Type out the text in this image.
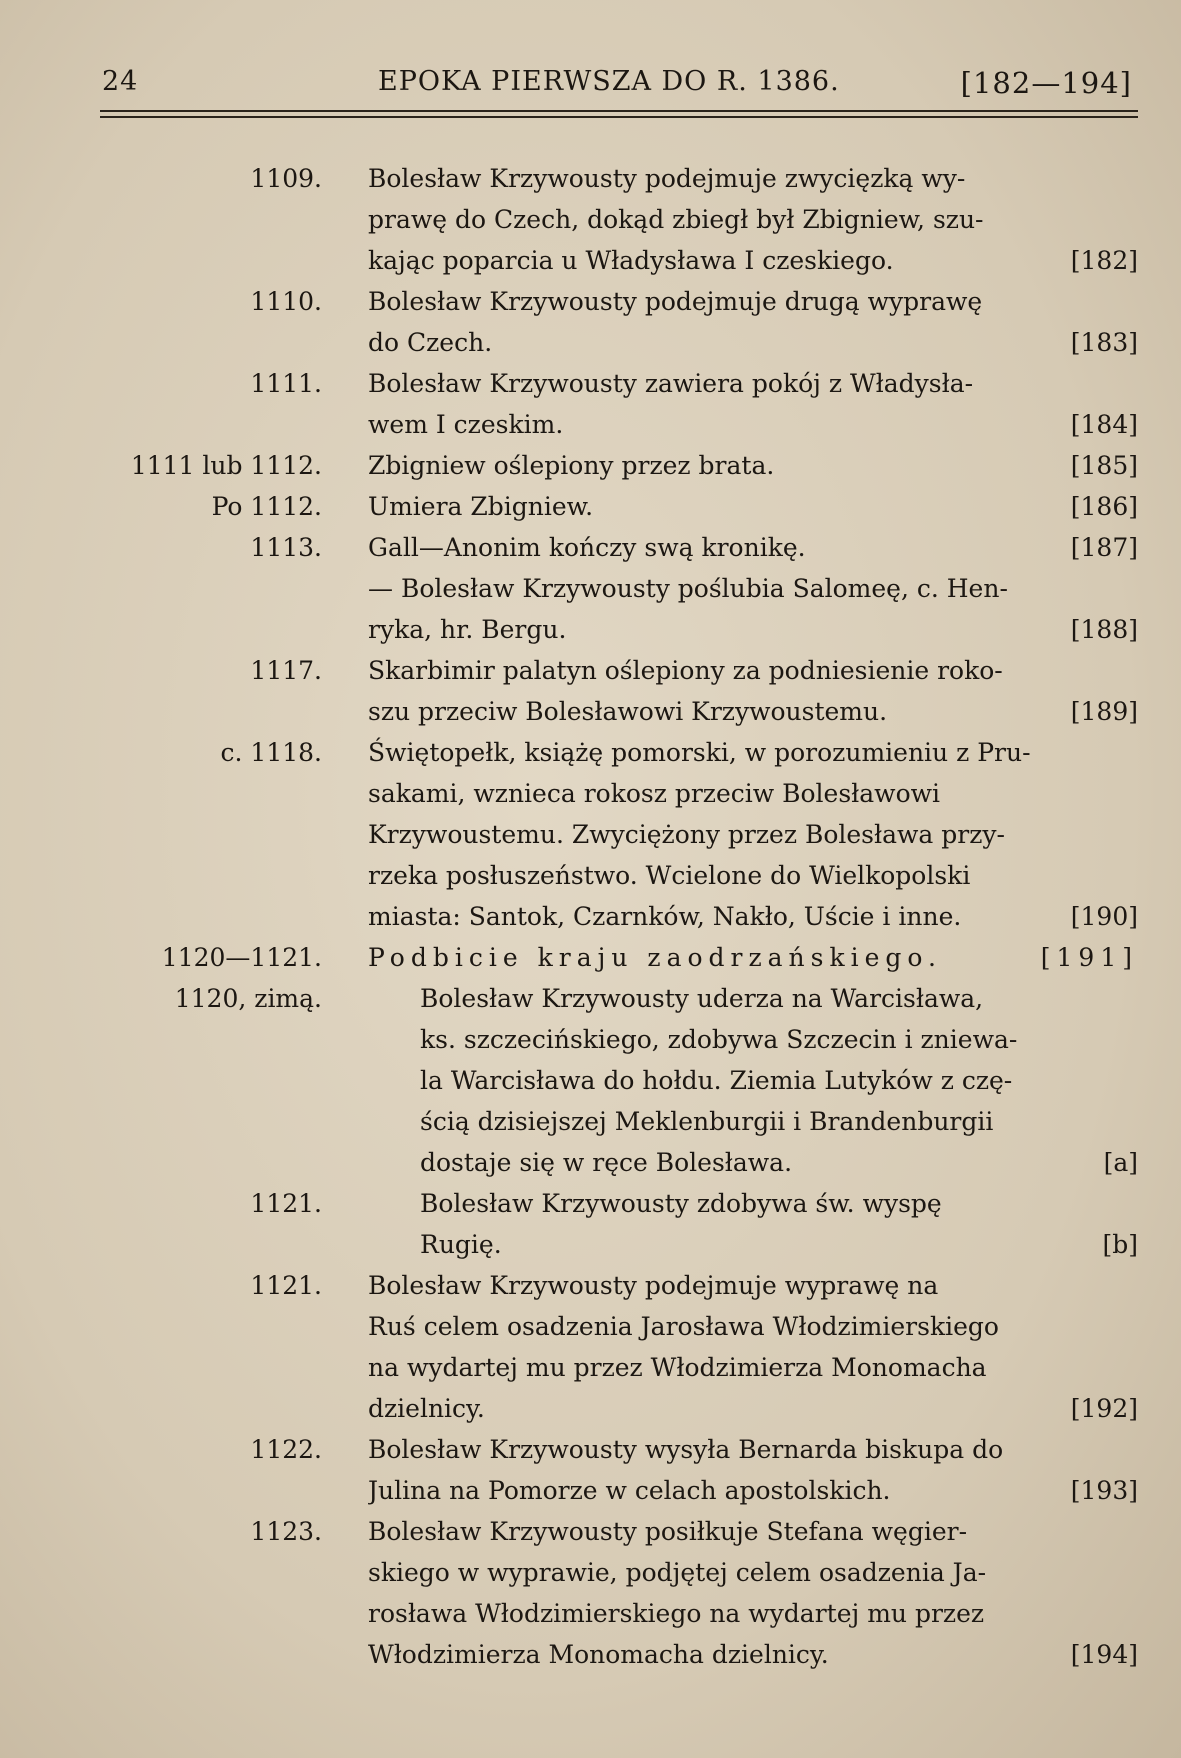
24	EPOKA PIERWSZA DO R. 1386.	[182—194]
1109. Bolesław Krzywousty podejmuje zwycięzką wy-
prawę do Czech, dokąd zbiegł był Zbigniew, szu-
kając poparcia u Władysława I czeskiego.	[182]
1110. Bolesław Krzywousty podejmuje drugą wyprawę
do Czech.	[183]
1111. Bolesław Krzywousty zawiera pokój z Władysła-
wem I czeskim.	[184]
1111 lub 1112. Zbigniew oślepiony przez brata.	[185]
Po 1112. Umiera Zbigniew.	[186]
1113. Gall—Anonim kończy swą kronikę.	[187]
— Bolesław Krzywousty poślubia Salomeę, c. Hen-
ryka, hr. Bergu.	[188]
1117. Skarbimir palatyn oślepiony za podniesienie roko-
szu przeciw Bolesławowi Krzywoustemu.	[189]
c. 1118. Świętopełk, książę pomorski, w porozumieniu z Pru-
sakami, wznieca rokosz przeciw Bolesławowi
Krzywoustemu. Zwyciężony przez Bolesława przy-
rzeka posłuszeństwo. Wcielone do Wielkopolski
miasta: Santok, Czarnków, Nakło, Uście i inne.	[190]
1120—1121. Podbicie kraju zaodrzańskiego.	[191]
1120, zimą.	Bolesław Krzywousty uderza na Warcisława,
ks. szczecińskiego, zdobywa Szczecin i zniewa-
la Warcisława do hołdu. Ziemia Lutyków z czę-
ścią dzisiejszej Meklenburgii i Brandenburgii
dostaje się w ręce Bolesława.	[a]
1121.	Bolesław Krzywousty zdobywa św. wyspę
Rugię.	[b]
1121. Bolesław Krzywousty podejmuje wyprawę na
Ruś celem osadzenia Jarosława Włodzimierskiego
na wydartej mu przez Włodzimierza Monomacha
dzielnicy.	[192]
1122. Bolesław Krzywousty wysyła Bernarda biskupa do
Julina na Pomorze w celach apostolskich.	[193]
1123. Bolesław Krzywousty posiłkuje Stefana węgier-
skiego w wyprawie, podjętej celem osadzenia Ja-
rosława Włodzimierskiego na wydartej mu przez
Włodzimierza Monomacha dzielnicy.	[194]
